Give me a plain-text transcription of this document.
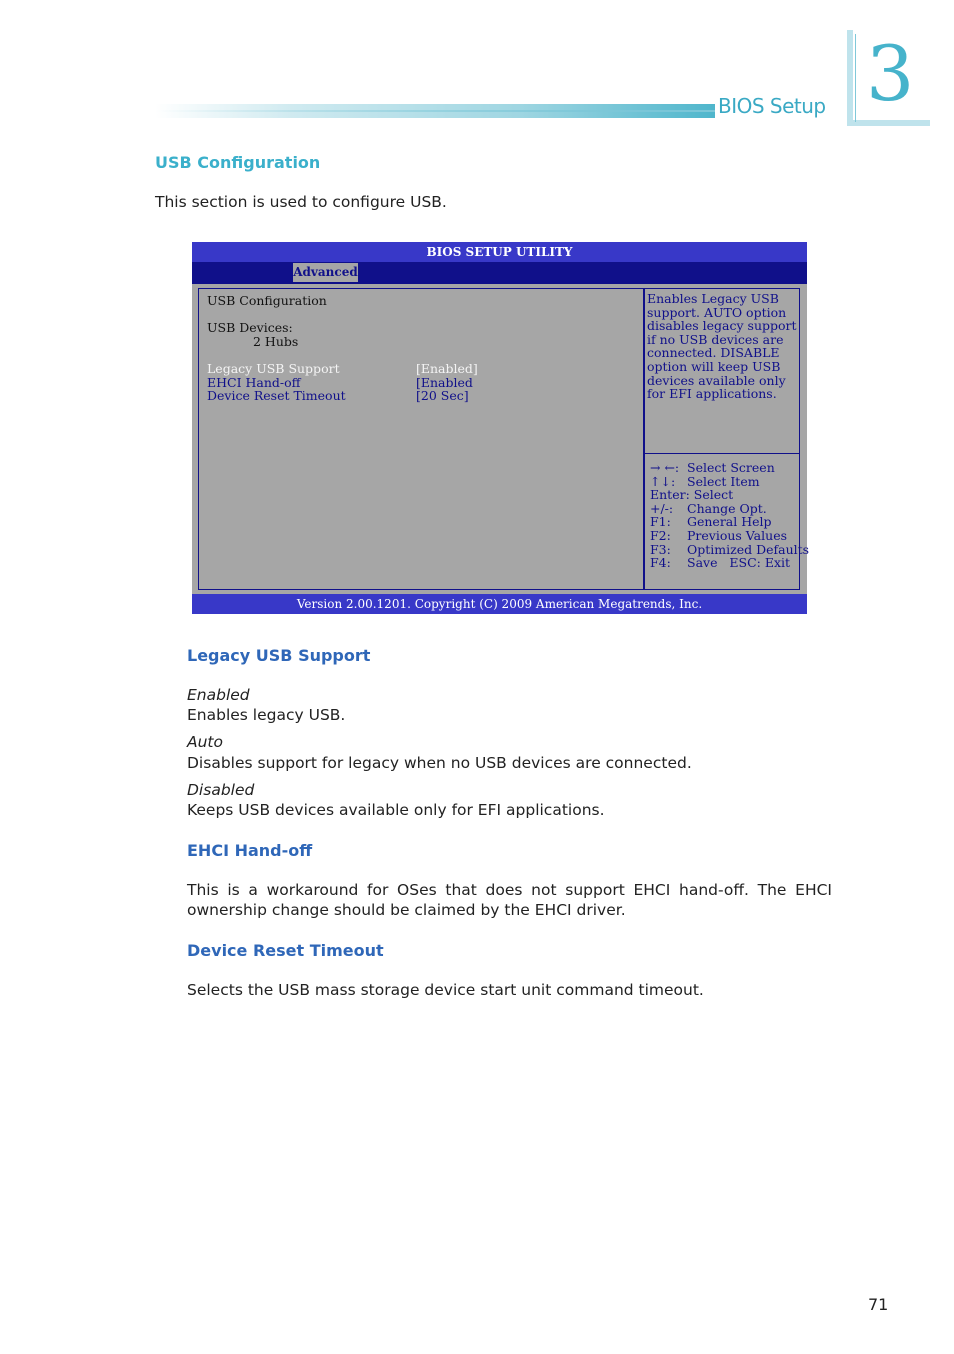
BIOS Setup 3
USB Configuration
This section is used to configure USB.
BIOS SETUP UTILITY
Advanced
USB Configuration
USB Devices:
2 Hubs
Legacy USB Support	[Enabled]
EHCI Hand-off	[Enabled
Device Reset Timeout	[20 Sec]
Enables Legacy USB support. AUTO option disables legacy support if no USB devices are connected. DISABLE option will keep USB devices available only for EFI applications.
→ ←: Select Screen
↑↓: Select Item
Enter: Select
+/-: Change Opt.
F1: General Help
F2: Previous Values
F3: Optimized Defaults
F4: Save   ESC: Exit
Version 2.00.1201. Copyright (C) 2009 American Megatrends, Inc.
Legacy USB Support
Enabled
Enables legacy USB.
Auto
Disables support for legacy when no USB devices are connected.
Disabled
Keeps USB devices available only for EFI applications.
EHCI Hand-off
This is a workaround for OSes that does not support EHCI hand-off. The EHCI ownership change should be claimed by the EHCI driver.
Device Reset Timeout
Selects the USB mass storage device start unit command timeout.
71
